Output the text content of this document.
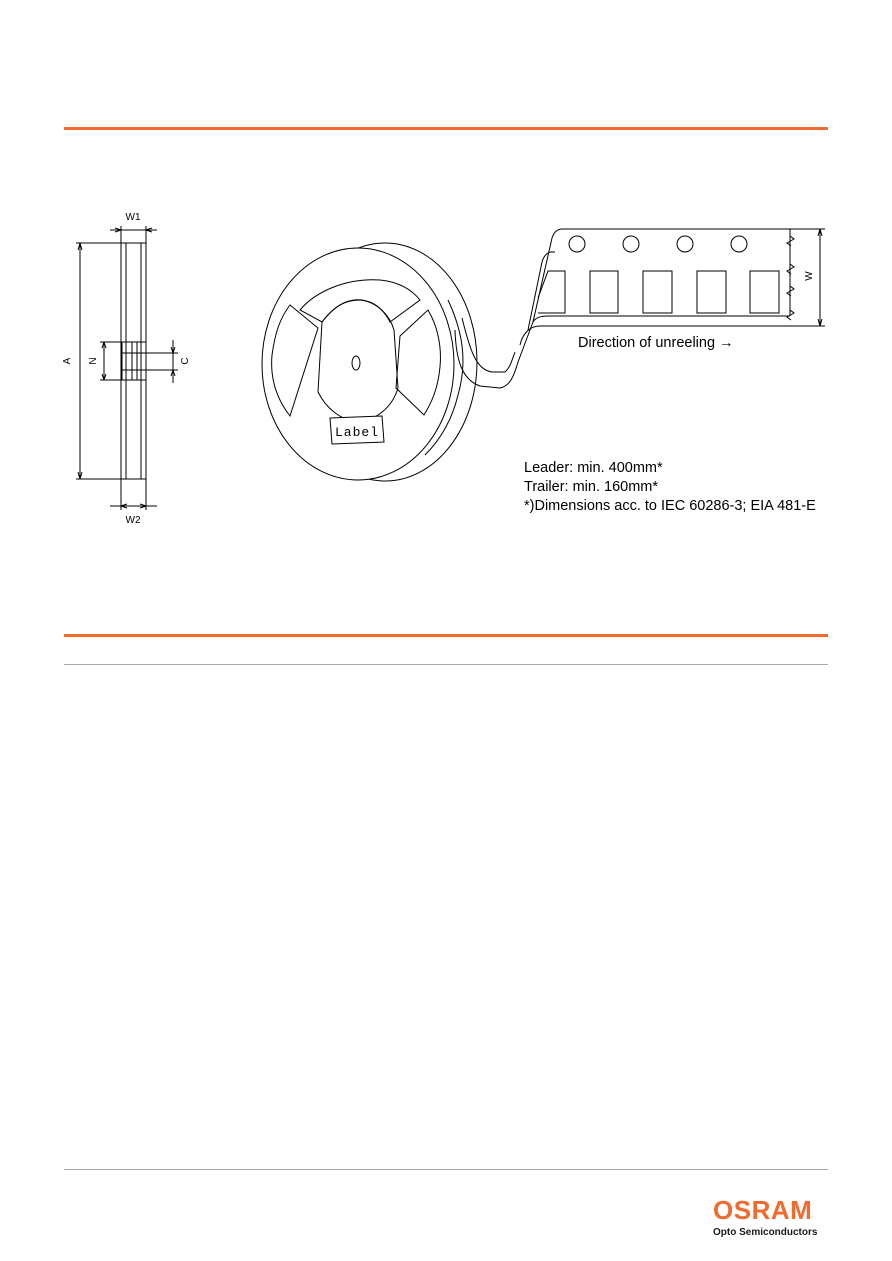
W1
W2
A N	C
Label
W
Direction of unreeling →
Leader: min. 400mm*
Trailer: min. 160mm*
*)Dimensions acc. to IEC 60286-3; EIA 481-E
OSRAM
Opto Semiconductors
